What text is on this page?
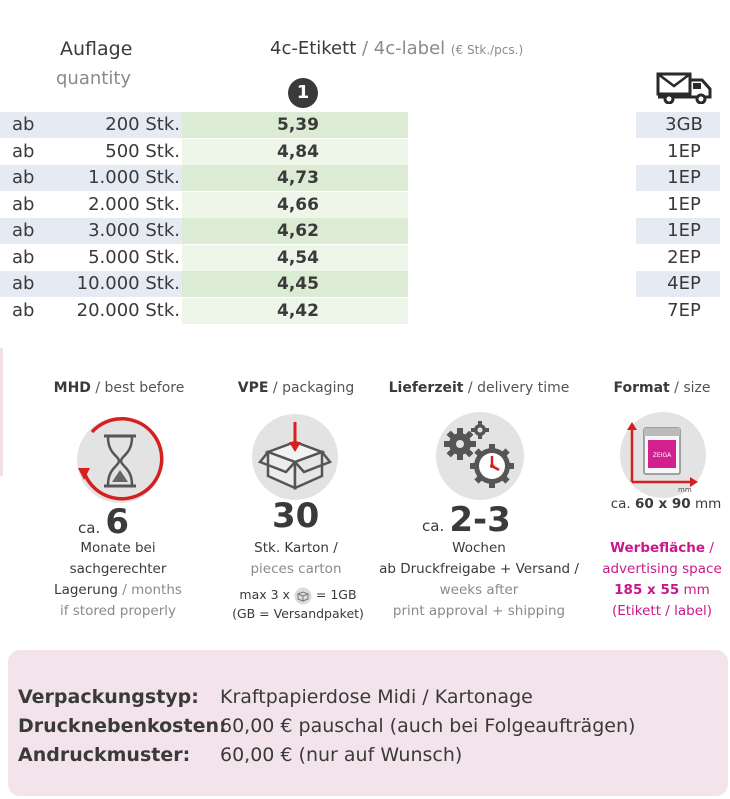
Auflage
quantity
4c-Etikett / 4c-label (€ Stk./pcs.)
1
ab	200 Stk.	5,39	3GB
ab	500 Stk.	4,84	1EP
ab	1.000 Stk.	4,73	1EP
ab	2.000 Stk.	4,66	1EP
ab	3.000 Stk.	4,62	1EP
ab	5.000 Stk.	4,54	2EP
ab	10.000 Stk.	4,45	4EP
ab	20.000 Stk.	4,42	7EP
MHD / best before
ca. 6
Monate bei
sachgerechter
Lagerung / months
if stored properly
VPE / packaging
30
Stk. Karton /
pieces carton
max 3 x = 1GB
(GB = Versandpaket)
Lieferzeit / delivery time
ca. 2-3
Wochen
ab Druckfreigabe + Versand /
weeks after
print approval + shipping
Format / size
ZEIGA
mm
ca. 60 x 90 mm
Werbefläche /
advertising space
185 x 55 mm
(Etikett / label)
Verpackungstyp: Kraftpapierdose Midi / Kartonage
Drucknebenkosten:
60,00 € pauschal (auch bei Folgeaufträgen)
Andruckmuster: 60,00 € (nur auf Wunsch)
